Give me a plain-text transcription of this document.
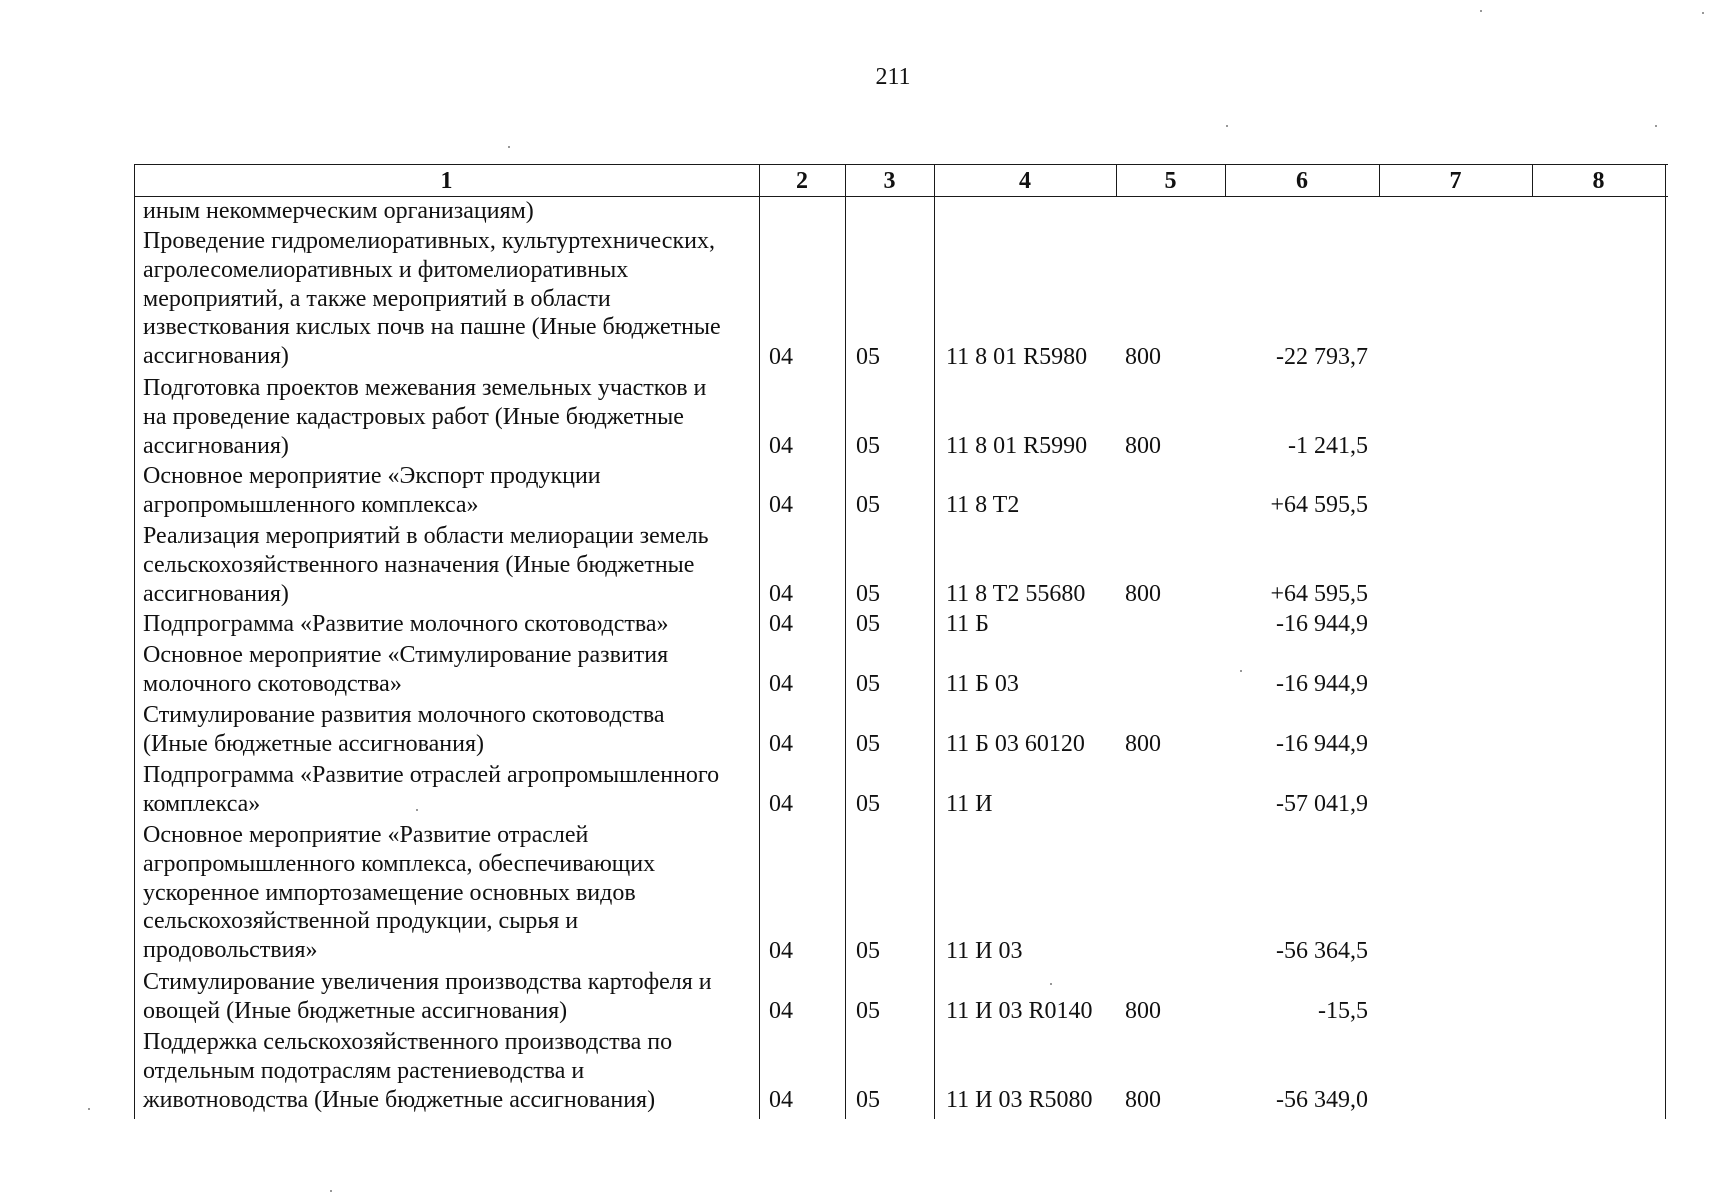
211
1	2	3	4	5	6	7	8
иным некоммерческим организациям)
Проведение гидромелиоративных, культуртехнических,
агролесомелиоративных и фитомелиоративных
мероприятий, а также мероприятий в области
известкования кислых почв на пашне (Иные бюджетные
ассигнования)	04	05	11 8 01 R5980 800	-22 793,7
Подготовка проектов межевания земельных участков и
на проведение кадастровых работ (Иные бюджетные
ассигнования)	04	05	11 8 01 R5990 800	-1 241,5
Основное мероприятие «Экспорт продукции
агропромышленного комплекса»	04	05	11 8 T2	+64 595,5
Реализация мероприятий в области мелиорации земель
сельскохозяйственного назначения (Иные бюджетные
ассигнования)	04	05	11 8 T2 55680 800	+64 595,5
Подпрограмма «Развитие молочного скотоводства»	04	05	11 Б	-16 944,9
Основное мероприятие «Стимулирование развития
молочного скотоводства»	04	05	11 Б 03	-16 944,9
Стимулирование развития молочного скотоводства
(Иные бюджетные ассигнования)	04	05	11 Б 03 60120 800	-16 944,9
Подпрограмма «Развитие отраслей агропромышленного
комплекса»	04	05	11 И	-57 041,9
Основное мероприятие «Развитие отраслей
агропромышленного комплекса, обеспечивающих
ускоренное импортозамещение основных видов
сельскохозяйственной продукции, сырья и
продовольствия»	04	05	11 И 03	-56 364,5
Стимулирование увеличения производства картофеля и
овощей (Иные бюджетные ассигнования)	04	05	11 И 03 R0140 800	-15,5
Поддержка сельскохозяйственного производства по
отдельным подотраслям растениеводства и
животноводства (Иные бюджетные ассигнования)	04	05	11 И 03 R5080 800	-56 349,0
